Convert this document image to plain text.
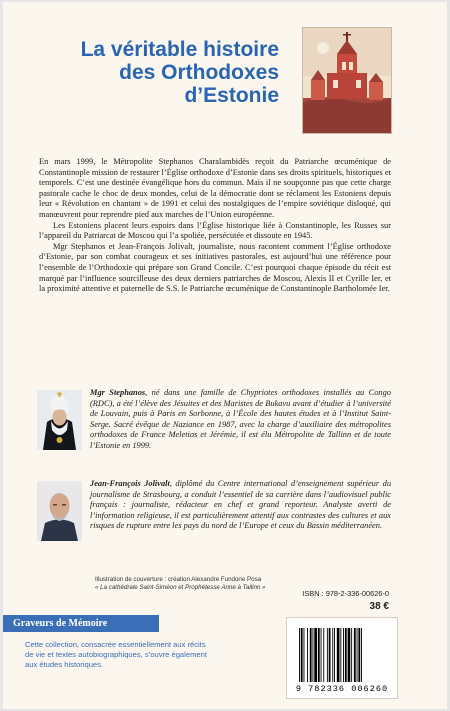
La véritable histoire
des Orthodoxes
d’Estonie

En mars 1999, le Métropolite Stephanos Charalambidès reçoit du Patriarche œcuménique de Constantinople mission de restaurer l’Église orthodoxe d’Estonie dans ses droits spirituels, historiques et temporels. C’est une destinée évangélique hors du commun. Mais il ne soupçonne pas que cette charge pastorale cache le choc de deux mondes, celui de la démocratie dont se réclament les Estoniens depuis leur « Révolution en chantant » de 1991 et celui des nostalgiques de l’empire soviétique disloqué, qui manœuvrent pour reprendre pied aux marches de l’Union européenne.

Les Estoniens placent leurs espoirs dans l’Église historique liée à Constantinople, les Russes sur l’appareil du Patriarcat de Moscou qui l’a spoliée, persécutée et dissoute en 1945.

Mgr Stephanos et Jean-François Jolivalt, journaliste, nous racontent comment l’Église orthodoxe d’Estonie, par son combat courageux et ses initiatives pastorales, est aujourd’hui une référence pour l’ensemble de l’Orthodoxie qui prépare son Grand Concile. C’est pourquoi chaque épisode du récit est marqué par l’influence sourcilleuse des deux derniers patriarches de Moscou, Alexis II et Cyrille Ier, et la proximité attentive et paternelle de S.S. le Patriarche œcuménique de Constantinople Bartholomée Ier.

Mgr Stephanos, né dans une famille de Chypriotes orthodoxes installés au Congo (RDC), a été l’élève des Jésuites et des Maristes de Bukavu avant d’étudier à l’université de Louvain, puis à Paris en Sorbonne, à l’École des hautes études et à l’Institut Saint-Serge. Sacré évêque de Naziance en 1987, avec la charge d’auxiliaire des métropolites orthodoxes de France Meletios et Jérémie, il est élu Métropolite de Tallinn et de toute l’Estonie en 1999.
Jean-François Jolivalt, diplômé du Centre international d’enseignement supérieur du journalisme de Strasbourg, a conduit l’essentiel de sa carrière dans l’audiovisuel public français : journaliste, rédacteur en chef et grand reporteur. Analyste averti de l’information religieuse, il est particulièrement attentif aux contrastes des cultures et aux risques de rupture entre les pays du nord de l’Europe et ceux du Bassin méditerranéen.
Illustration de couverture : création Alexandre Fundone Posa
« La cathédrale Saint-Siméon et Prophétesse Anne à Tallinn »
ISBN : 978-2-336-00626-0
38 €
Graveurs de Mémoire
Cette collection, consacrée essentiellement aux récits de vie et textes autobiographiques, s’ouvre également aux études historiques.
9 782336 006260
